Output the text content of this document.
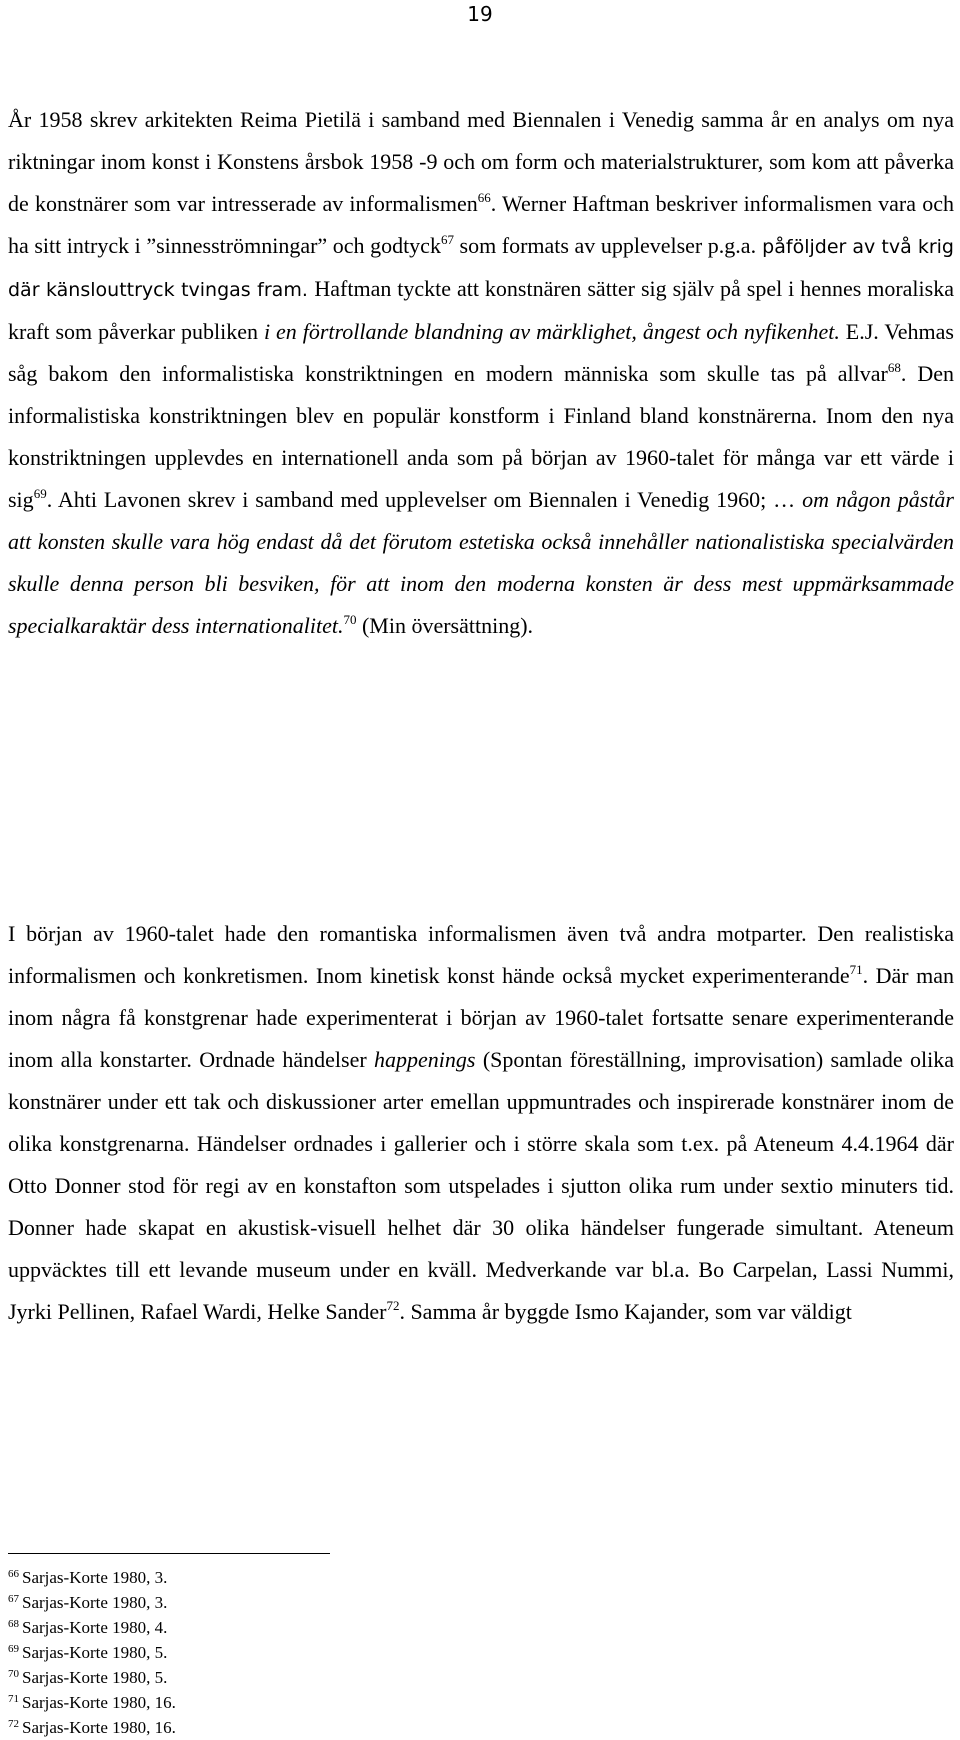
19

År 1958 skrev arkitekten Reima Pietilä i samband med Biennalen i Venedig samma år en analys om nya riktningar inom konst i Konstens årsbok 1958 -9 och om form och materialstrukturer, som kom att påverka de konstnärer som var intresserade av informalismen$^{66}$. Werner Haftman beskriver informalismen vara och ha sitt intryck i ”sinnesströmningar” och godtyck$^{67}$ som formats av upplevelser p.g.a. påföljder av två krig där känslouttryck tvingas fram. Haftman tyckte att konstnären sätter sig själv på spel i hennes moraliska kraft som påverkar publiken i en förtrollande blandning av märklighet, ångest och nyfikenhet. E.J. Vehmas såg bakom den informalistiska konstriktningen en modern människa som skulle tas på allvar$^{68}$. Den informalistiska konstriktningen blev en populär konstform i Finland bland konstnärerna. Inom den nya konstriktningen upplevdes en internationell anda som på början av 1960-talet för många var ett värde i sig$^{69}$. Ahti Lavonen skrev i samband med upplevelser om Biennalen i Venedig 1960; … om någon påstår att konsten skulle vara hög endast då det förutom estetiska också innehåller nationalistiska specialvärden skulle denna person bli besviken, för att inom den moderna konsten är dess mest uppmärksammade specialkaraktär dess internationalitet.$^{70}$ (Min översättning).

I början av 1960-talet hade den romantiska informalismen även två andra motparter. Den realistiska informalismen och konkretismen. Inom kinetisk konst hände också mycket experimenterande$^{71}$. Där man inom några få konstgrenar hade experimenterat i början av 1960-talet fortsatte senare experimenterande inom alla konstarter. Ordnade händelser happenings (Spontan föreställning, improvisation) samlade olika konstnärer under ett tak och diskussioner arter emellan uppmuntrades och inspirerade konstnärer inom de olika konstgrenarna. Händelser ordnades i gallerier och i större skala som t.ex. på Ateneum 4.4.1964 där Otto Donner stod för regi av en konstafton som utspelades i sjutton olika rum under sextio minuters tid. Donner hade skapat en akustisk-visuell helhet där 30 olika händelser fungerade simultant. Ateneum uppväcktes till ett levande museum under en kväll. Medverkande var bl.a. Bo Carpelan, Lassi Nummi, Jyrki Pellinen, Rafael Wardi, Helke Sander$^{72}$. Samma år byggde Ismo Kajander, som var väldigt

$^{66}$ Sarjas-Korte 1980, 3.
$^{67}$ Sarjas-Korte 1980, 3.
$^{68}$ Sarjas-Korte 1980, 4.
$^{69}$ Sarjas-Korte 1980, 5.
$^{70}$ Sarjas-Korte 1980, 5.
$^{71}$ Sarjas-Korte 1980, 16.
$^{72}$ Sarjas-Korte 1980, 16.
